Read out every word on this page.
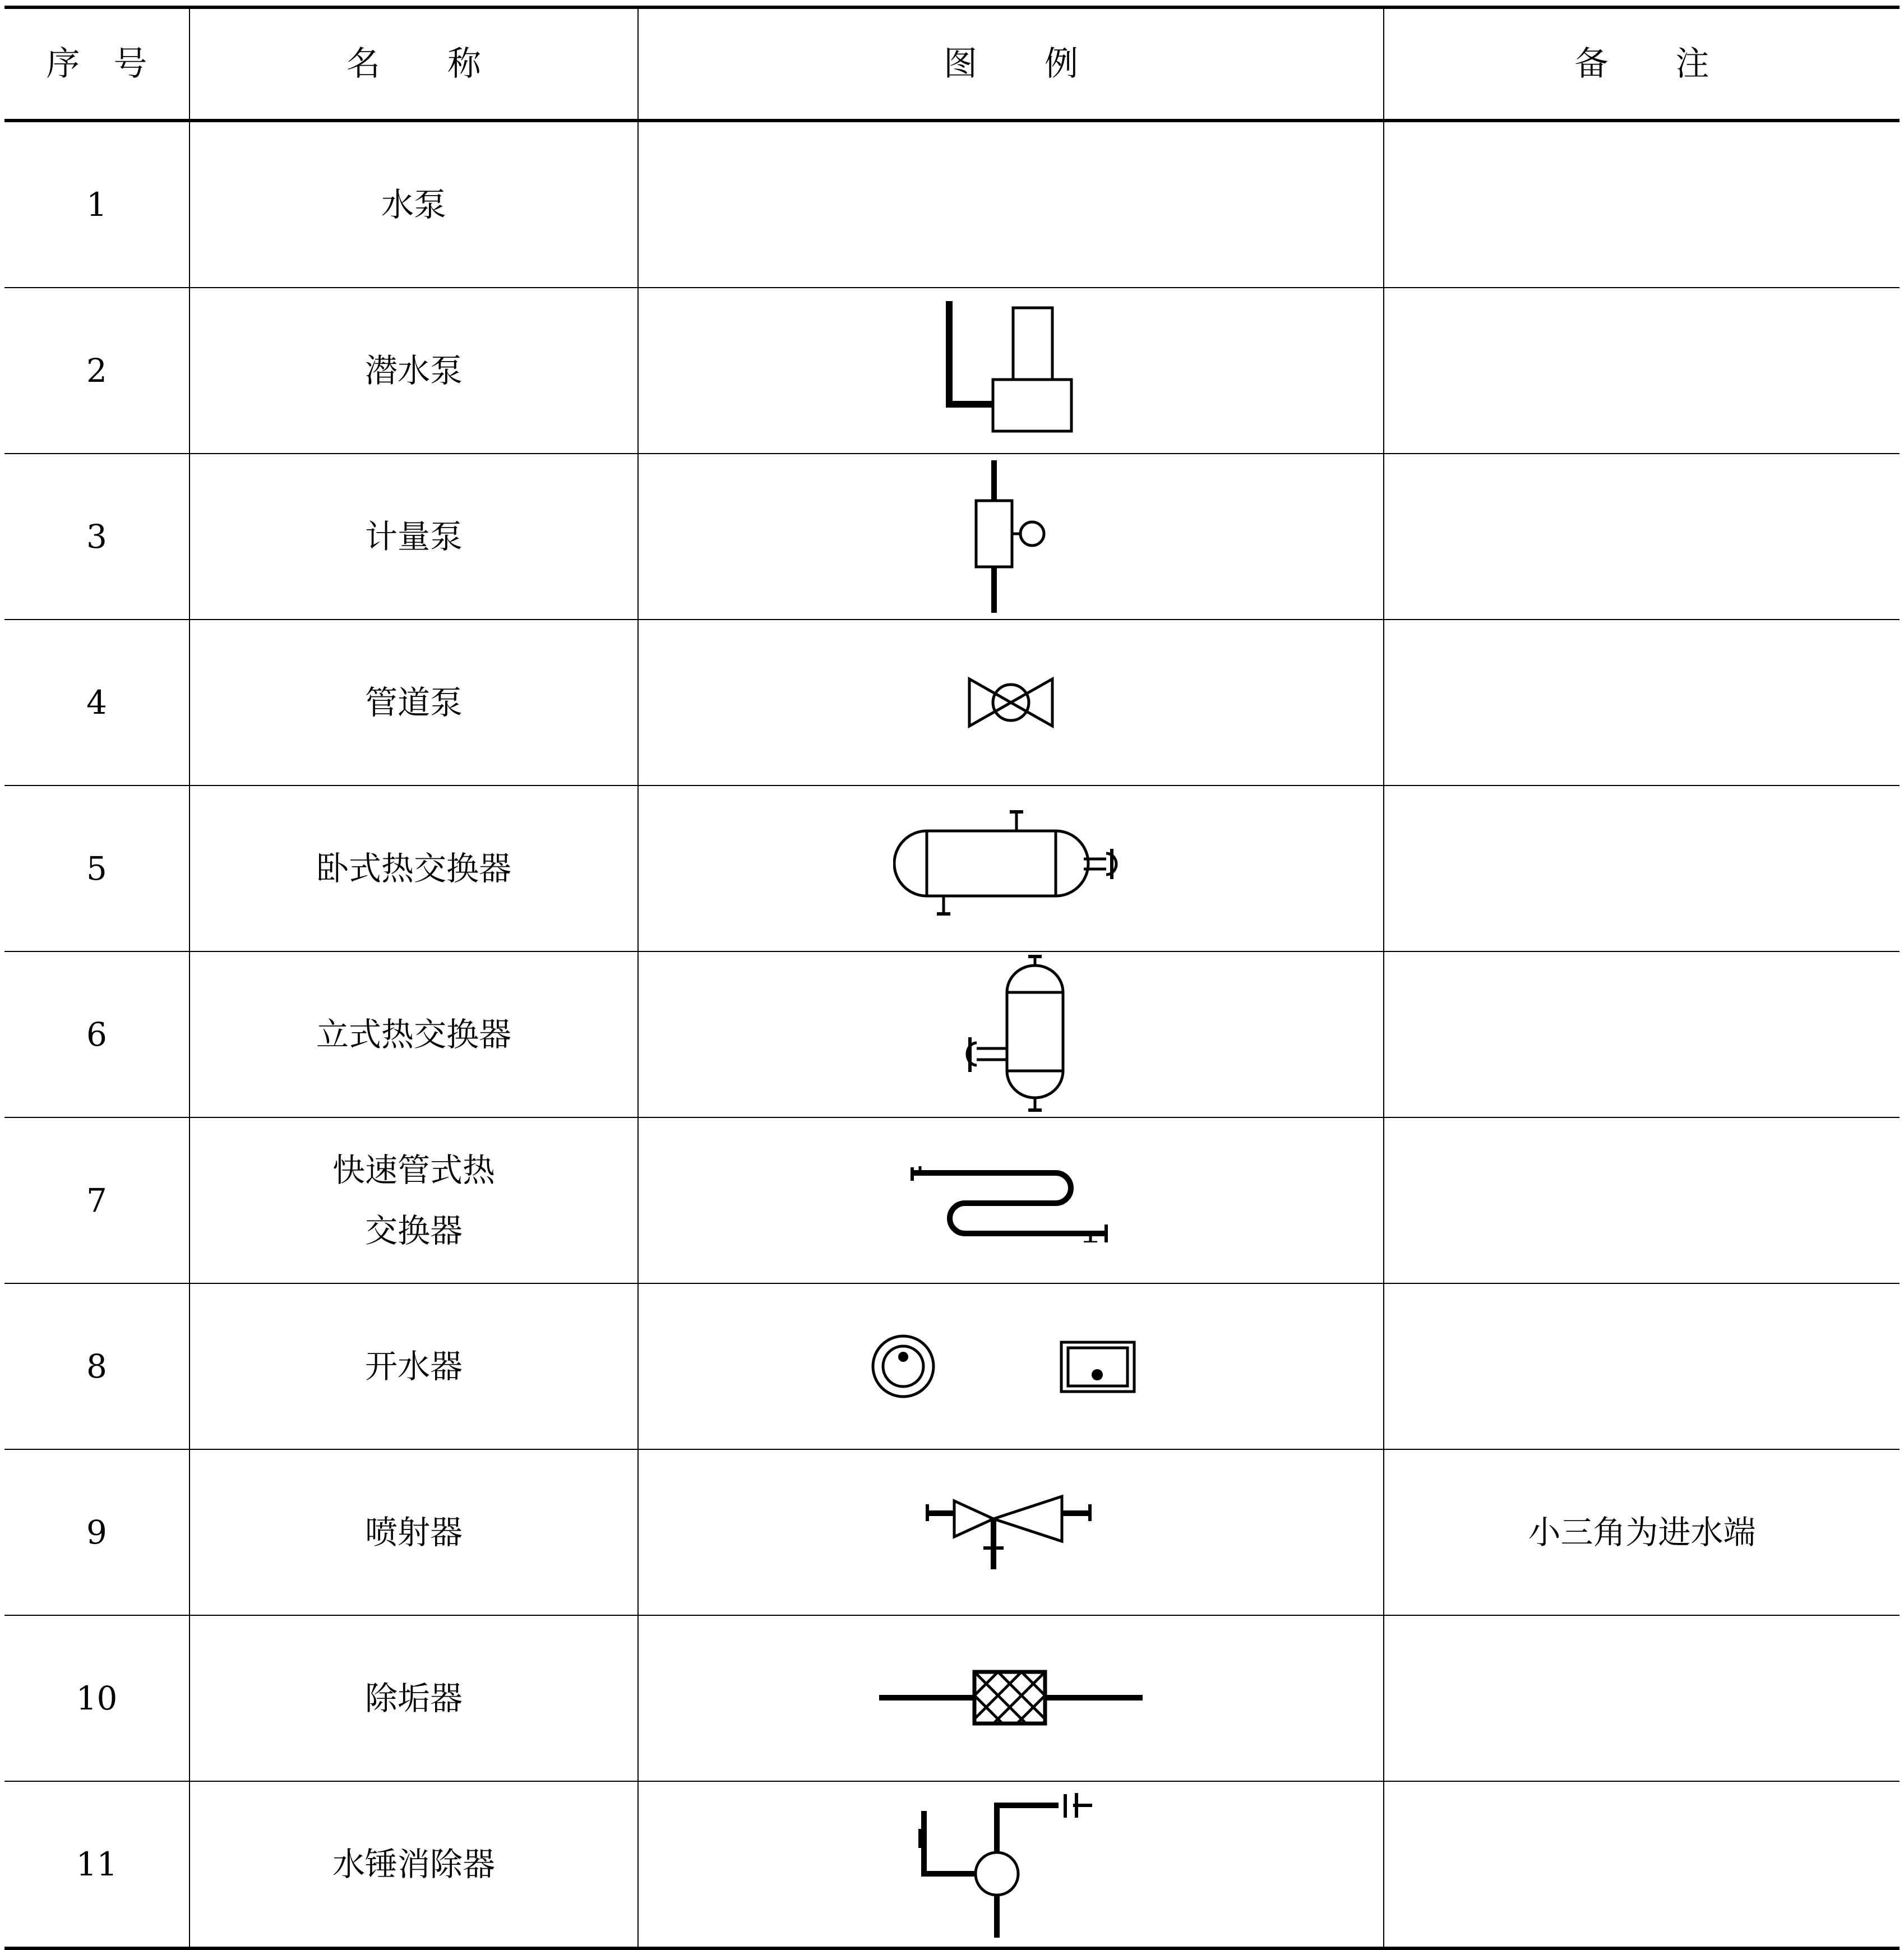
序　号	名　　称	图　　例	备　　注
1	水泵	

2	潜水泵	

3	计量泵	

4	管道泵	

5	卧式热交换器	

6	立式热交换器	

7	快速管式热
交换器	

8	开水器	

9	喷射器		小三角为进水端
10	除垢器	

11	水锤消除器	
